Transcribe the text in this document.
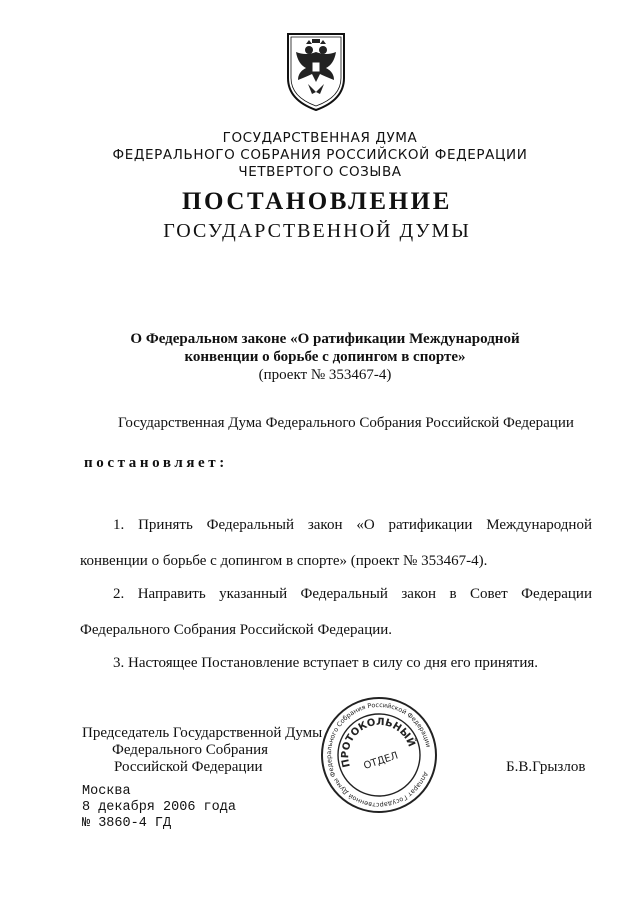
ГОСУДАРСТВЕННАЯ ДУМА
ФЕДЕРАЛЬНОГО СОБРАНИЯ РОССИЙСКОЙ ФЕДЕРАЦИИ
ЧЕТВЕРТОГО СОЗЫВА
ПОСТАНОВЛЕНИЕ
ГОСУДАРСТВЕННОЙ ДУМЫ
О Федеральном законе «О ратификации Международной
конвенции о борьбе с допингом в спорте»
(проект № 353467-4)
Государственная Дума Федерального Собрания Российской Федерации
постановляет:
1. Принять Федеральный закон «О ратификации Международной
конвенции о борьбе с допингом в спорте» (проект № 353467-4).
2. Направить указанный Федеральный закон в Совет Федерации
Федерального Собрания Российской Федерации.
3. Настоящее Постановление вступает в силу со дня его принятия.
Председатель Государственной Думы
Федерального Собрания
Российской Федерации	Б.В.Грызлов
Аппарат Государственной Думы Федерального Собрания Российской Федерации
ПРОТОКОЛЬНЫЙ
ОТДЕЛ
Москва
8 декабря 2006 года
№ 3860-4 ГД
